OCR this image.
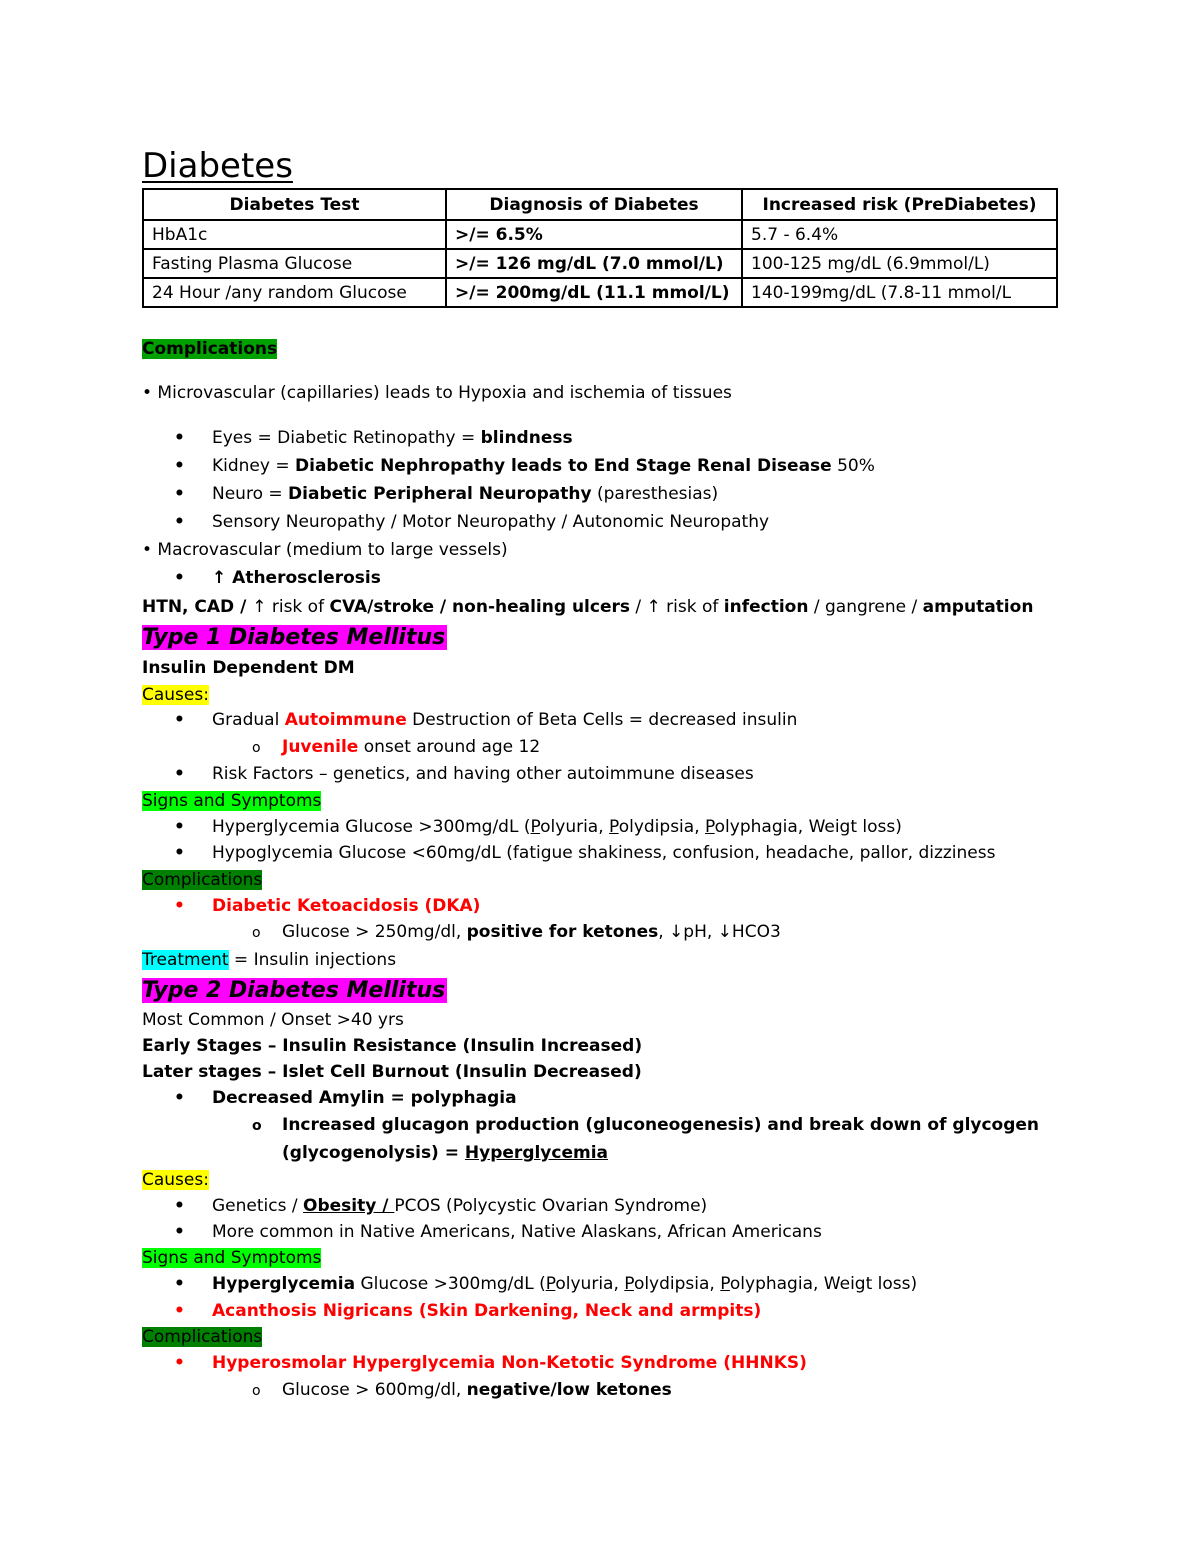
Diabetes
Diabetes Test	Diagnosis of Diabetes	Increased risk (PreDiabetes)
HbA1c	>/= 6.5%	5.7 - 6.4%
Fasting Plasma Glucose	>/= 126 mg/dL (7.0 mmol/L)	100-125 mg/dL (6.9mmol/L)
24 Hour /any random Glucose	>/= 200mg/dL (11.1 mmol/L)	140-199mg/dL (7.8-11 mmol/L
Complications
• Microvascular (capillaries) leads to Hypoxia and ischemia of tissues
• Eyes = Diabetic Retinopathy = blindness
• Kidney = Diabetic Nephropathy leads to End Stage Renal Disease 50%
• Neuro = Diabetic Peripheral Neuropathy (paresthesias)
• Sensory Neuropathy / Motor Neuropathy / Autonomic Neuropathy
• Macrovascular (medium to large vessels)
• ↑ Atherosclerosis
HTN, CAD / ↑ risk of CVA/stroke / non-healing ulcers / ↑ risk of infection / gangrene / amputation
Type 1 Diabetes Mellitus
Insulin Dependent DM
Causes:
• Gradual Autoimmune Destruction of Beta Cells = decreased insulin
o Juvenile onset around age 12
• Risk Factors – genetics, and having other autoimmune diseases
Signs and Symptoms
• Hyperglycemia Glucose >300mg/dL (Polyuria, Polydipsia, Polyphagia, Weigt loss)
• Hypoglycemia Glucose <60mg/dL (fatigue shakiness, confusion, headache, pallor, dizziness
Complications
• Diabetic Ketoacidosis (DKA)
o Glucose > 250mg/dl, positive for ketones, ↓pH, ↓HCO3
Treatment = Insulin injections
Type 2 Diabetes Mellitus
Most Common / Onset >40 yrs
Early Stages – Insulin Resistance (Insulin Increased)
Later stages – Islet Cell Burnout (Insulin Decreased)
• Decreased Amylin = polyphagia
o Increased glucagon production (gluconeogenesis) and break down of glycogen
(glycogenolysis) = Hyperglycemia
Causes:
• Genetics / Obesity / PCOS (Polycystic Ovarian Syndrome)
• More common in Native Americans, Native Alaskans, African Americans
Signs and Symptoms
• Hyperglycemia Glucose >300mg/dL (Polyuria, Polydipsia, Polyphagia, Weigt loss)
• Acanthosis Nigricans (Skin Darkening, Neck and armpits)
Complications
• Hyperosmolar Hyperglycemia Non-Ketotic Syndrome (HHNKS)
o Glucose > 600mg/dl, negative/low ketones
